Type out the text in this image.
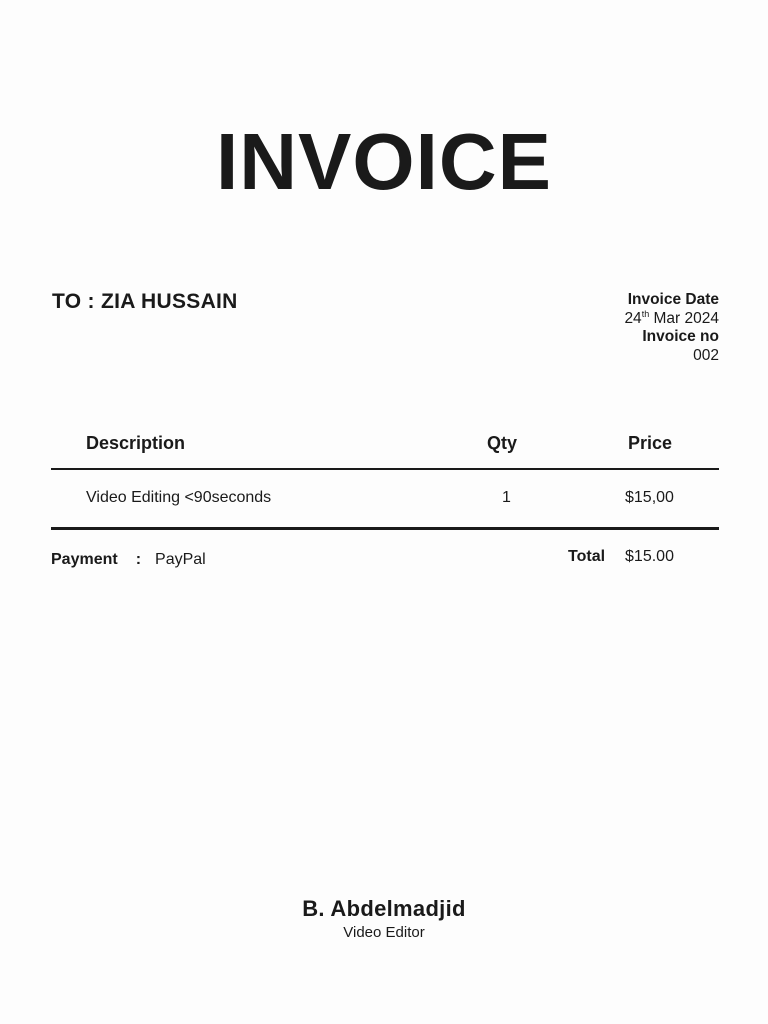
INVOICE
TO : ZIA HUSSAIN	Invoice Date
24th Mar 2024
Invoice no
002
Description	Qty	Price
Video Editing <90seconds	1	$15,00
Payment : PayPal	Total $15.00
B. Abdelmadjid
Video Editor
